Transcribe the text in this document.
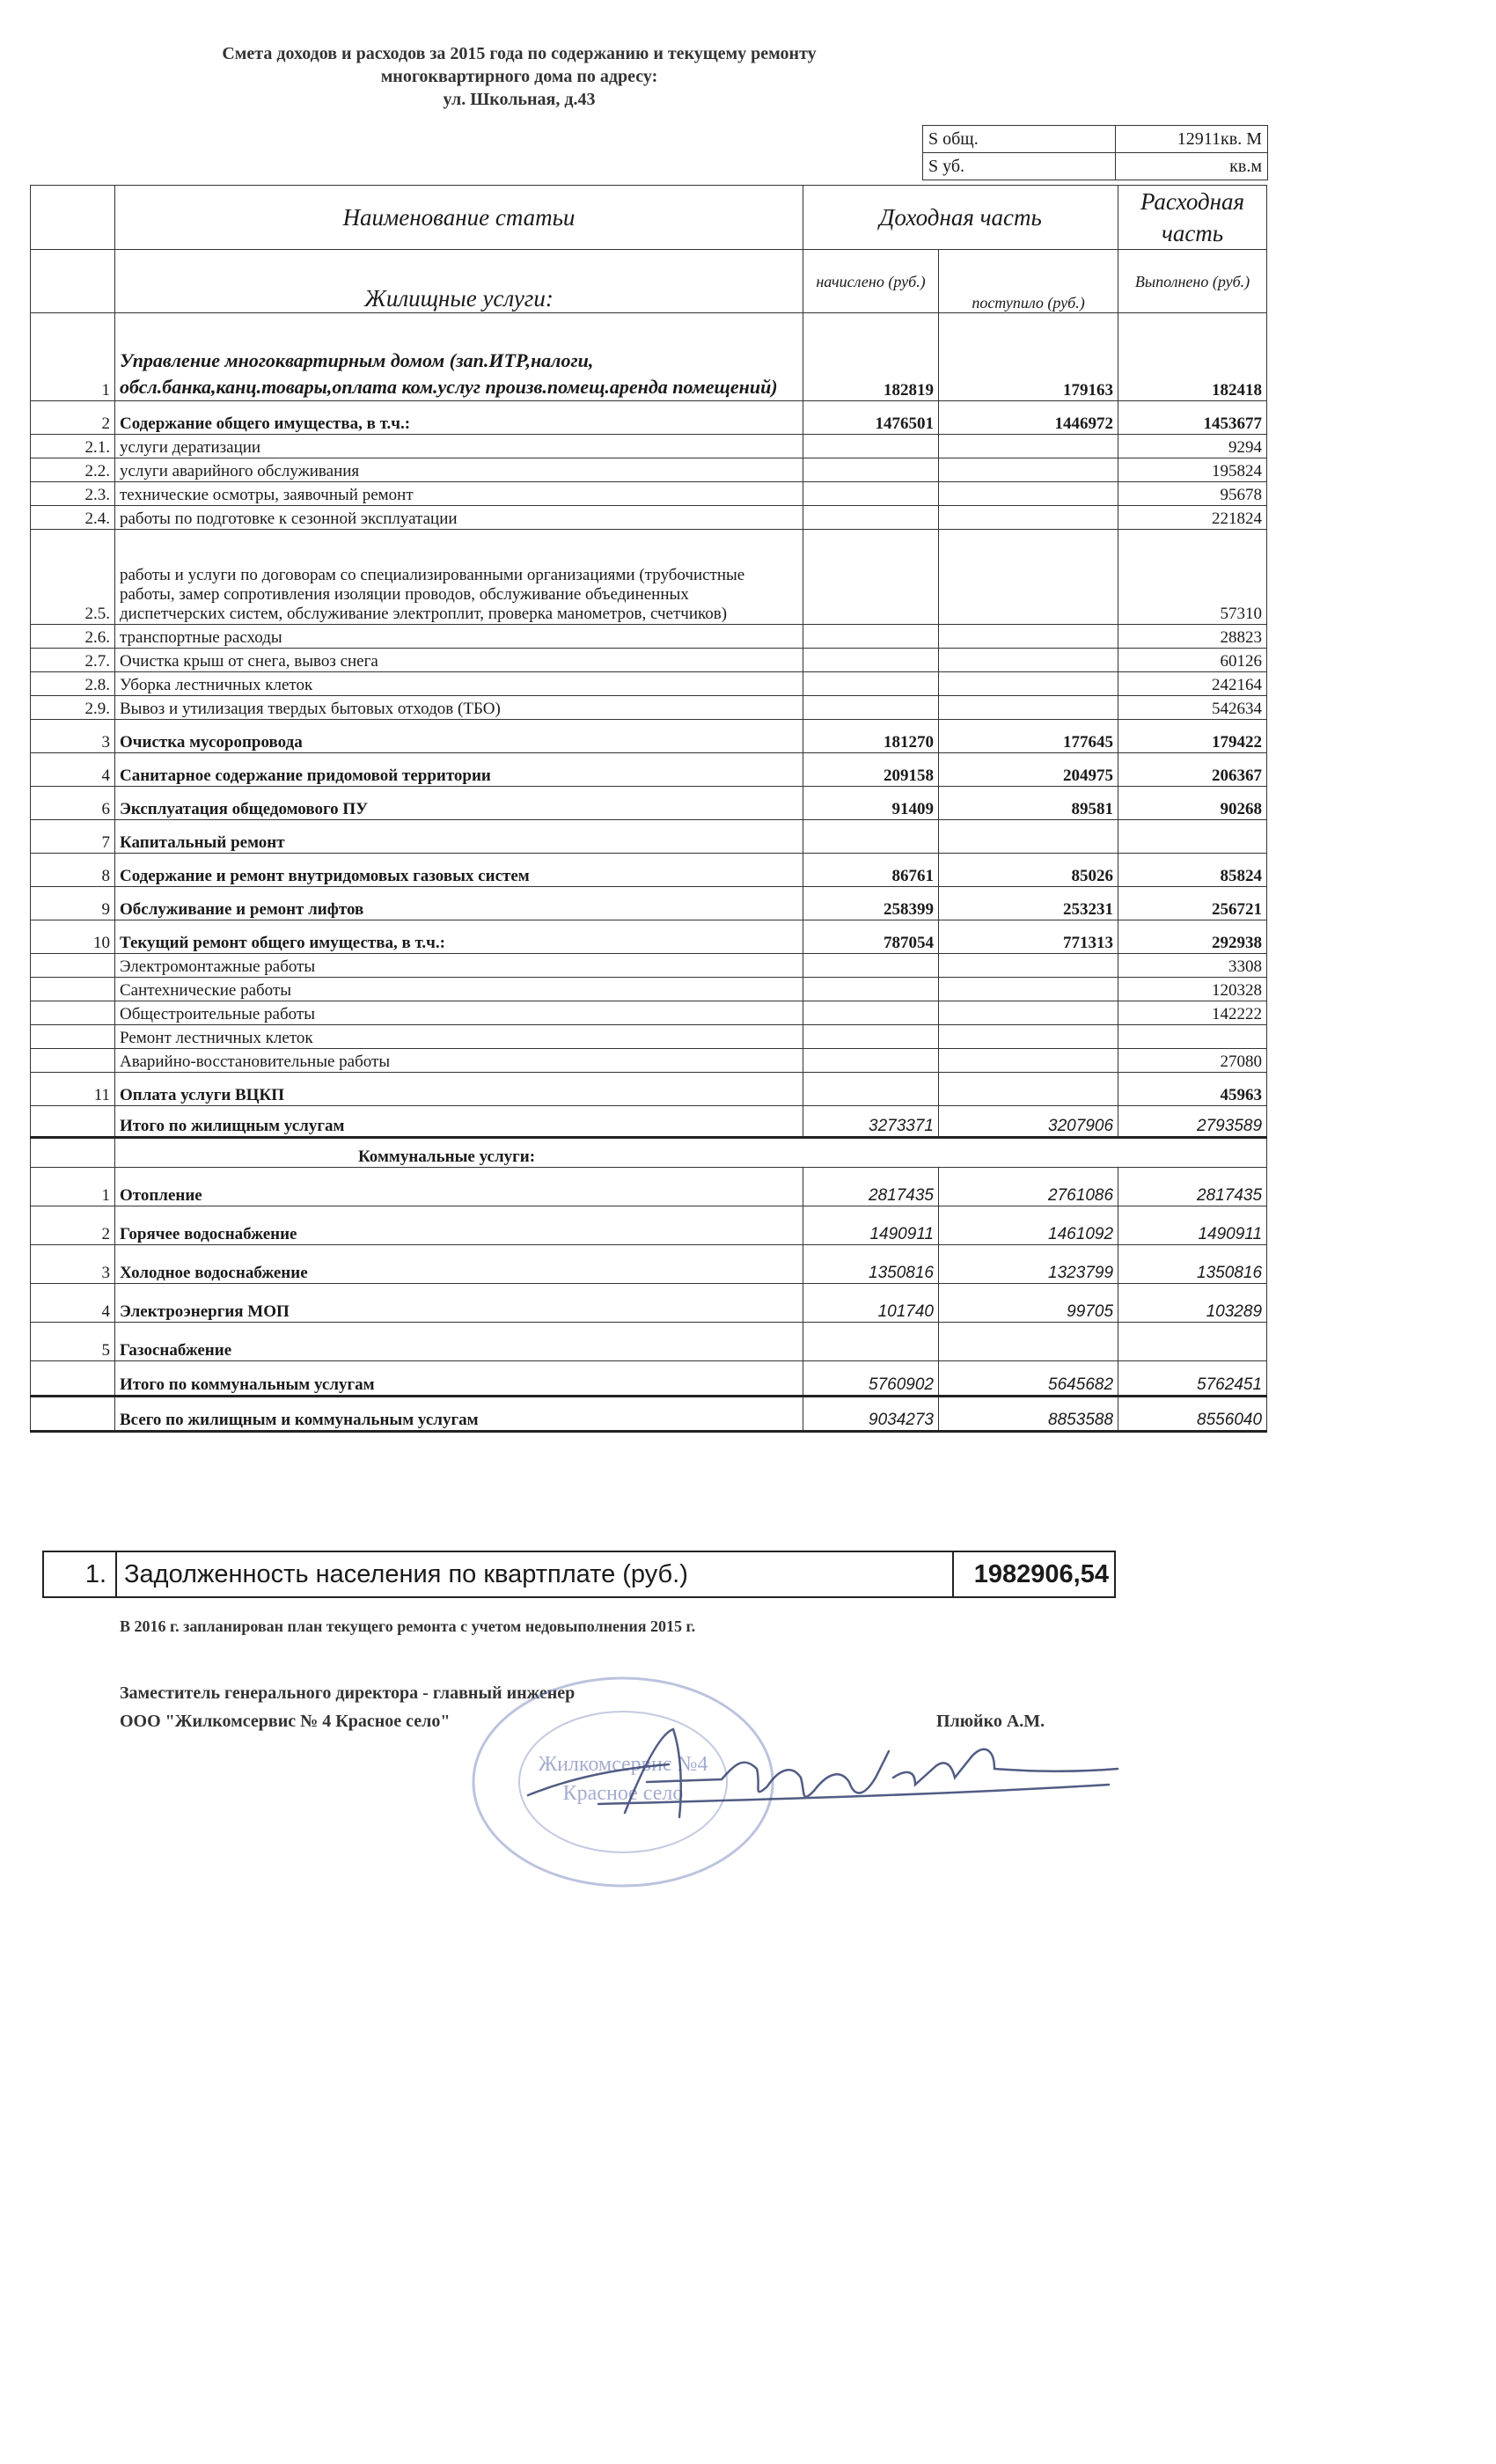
Смета доходов и расходов за 2015 года по содержанию и текущему ремонту
многоквартирного дома по адресу:
ул. Школьная, д.43
S общ.	12911кв. М
S уб.	кв.м
	Наименование статьи	Доходная часть		Расходная часть
	Жилищные услуги:	начислено (руб.)	поступило (руб.)	Выполнено (руб.)
1	Управление многоквартирным домом (зап.ИТР,налоги, обсл.банка,канц.товары,оплата ком.услуг произв.помещ.аренда помещений)	182819	179163	182418
2	Содержание общего имущества, в т.ч.:	1476501	1446972	1453677
2.1.	услуги дератизации			9294
2.2.	услуги аварийного обслуживания			195824
2.3.	технические осмотры, заявочный ремонт			95678
2.4.	работы по подготовке к сезонной эксплуатации			221824
2.5.	работы и услуги по договорам со специализированными организациями (трубочистные работы, замер сопротивления изоляции проводов, обслуживание объединенных диспетчерских систем, обслуживание электроплит, проверка манометров, счетчиков)			57310
2.6.	транспортные расходы			28823
2.7.	Очистка крыш от снега, вывоз снега			60126
2.8.	Уборка лестничных клеток			242164
2.9.	Вывоз и утилизация твердых бытовых отходов (ТБО)			542634
3	Очистка мусоропровода	181270	177645	179422
4	Санитарное содержание придомовой территории	209158	204975	206367
6	Эксплуатация общедомового ПУ	91409	89581	90268
7	Капитальный ремонт			
8	Содержание и ремонт внутридомовых газовых систем	86761	85026	85824
9	Обслуживание и ремонт лифтов	258399	253231	256721
10	Текущий ремонт общего имущества, в т.ч.:	787054	771313	292938
	Электромонтажные работы			3308
	Сантехнические работы			120328
	Общестроительные работы			142222
	Ремонт лестничных клеток			
	Аварийно-восстановительные работы			27080
11	Оплата услуги ВЦКП			45963
	Итого по жилищным услугам	3273371	3207906	2793589
	Коммунальные услуги:			
1	Отопление	2817435	2761086	2817435
2	Горячее водоснабжение	1490911	1461092	1490911
3	Холодное водоснабжение	1350816	1323799	1350816
4	Электроэнергия МОП	101740	99705	103289
5	Газоснабжение			
	Итого по коммунальным услугам	5760902	5645682	5762451
	Всего по жилищным и коммунальным услугам	9034273	8853588	8556040
1.	Задолженность населения по квартплате (руб.)	1982906,54
В 2016 г. запланирован план текущего ремонта с учетом недовыполнения 2015 г.
Заместитель генерального директора - главный инженер
ООО "Жилкомсервис № 4 Красное село"	Плюйко А.М.
Жилкомсервис №4
Красное село
